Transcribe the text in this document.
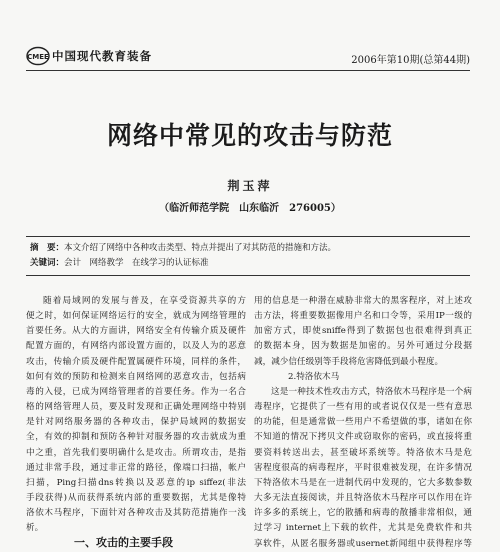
CMEE 中国现代教育装备	2006年第10期(总第44期)
网络中常见的攻击与防范
荆玉萍
（临沂师范学院　山东临沂　276005）
摘　要：本文介绍了网络中各种攻击类型、特点并提出了对其防范的措施和方法。
关键词：会计　网络教学　在线学习的认证标准
随着局域网的发展与普及，在享受资源共享的方
便之时，如何保证网络运行的安全，就成为网络管理的
首要任务。从大的方面讲，网络安全有传输介质及硬件
配置方面的，有网络内部设置方面的，以及人为的恶意
攻击，传输介质及硬件配置属硬件环境，同样的条件，
如何有效的预防和检测来自网络网的恶意攻击，包括病
毒的入侵，已成为网络管理者的首要任务。作为一名合
格的网络管理人员，要及时发现和正确处理网络中特别
是针对网络服务器的各种攻击，保护局域网的数据安
全，有效的抑制和预防各种针对服务器的攻击就成为重
中之重，首先我们要明确什么是攻击。所谓攻击，是指
通过非常手段，通过非正常的路径，像端口扫描，帐户
扫描，Ping扫描dns转换以及恶意的ip siffez(非法
手段获得)从而获得系统内部的重要数据，尤其是像特
洛依木马程序，下面针对各种攻击及其防范措施作一浅
析。
一、攻击的主要手段
用的信息是一种潜在威胁非常大的黑客程序，对上述攻
击方法，将重要数据像用户名和口令等，采用IP一级的
加密方式，即使sniffe得到了数据包也很难得到真正
的数据本身，因为数据是加密的。另外可通过分段据
减，减少信任级别等手段将危害降低到最小程度。
2.特洛依木马
这是一种技术性攻击方式，特洛依木马程序是一个病
毒程序，它提供了一些有用的或者说仅仅是一些有意思
的功能，但是通常做一些用户不希望做的事，诸如在你
不知道的情况下拷贝文件或窃取你的密码，或直接将重
要资料转送出去，甚至破坏系统等。特洛依木马是危
害程度很高的病毒程序，平时很难被发现，在许多情况
下特洛依木马是在一进制代码中发现的，它大多数参数
大多无法直接阅读，并且特洛依木马程序可以作用在许
许多多的系统上，它的散播和病毒的散播非常相似，通
过学习 internet上下载的软件，尤其是免费软件和共
享软件，从匿名服务器或usernet新闻组中获得程序等
